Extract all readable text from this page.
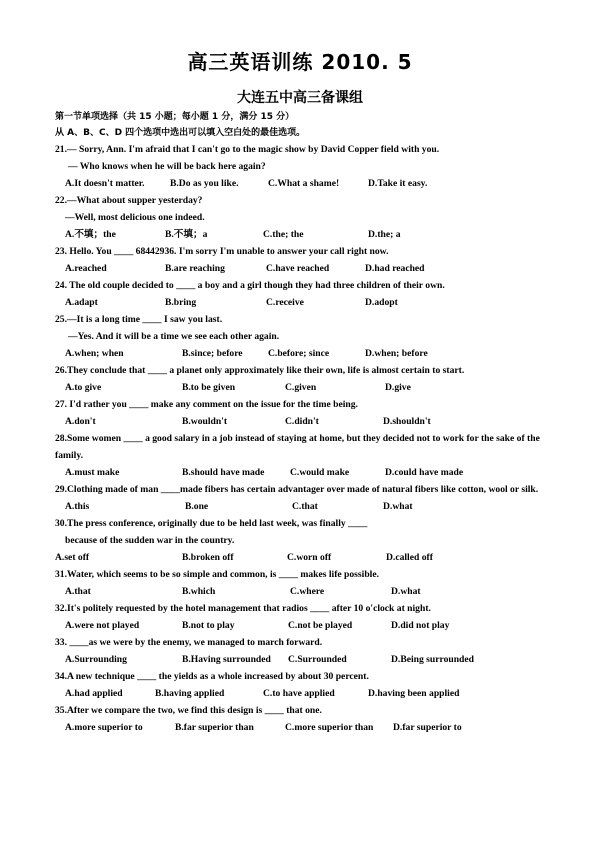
高三英语训练 2010. 5
大连五中高三备课组
第一节单项选择（共 15 小题；每小题 1 分，满分 15 分）
从 A、B、C、D 四个选项中选出可以填入空白处的最佳选项。
21.— Sorry, Ann. I'm afraid that I can't go to the magic show by David Copper field with you.
— Who knows when he will be back here again?
A.It doesn't matter.	B.Do as you like.	C.What a shame!	D.Take it easy.
22.—What about supper yesterday?
—Well, most delicious one indeed.
A.不填；the	B.不填；a	C.the; the	D.the; a
23. Hello. You ____ 68442936. I'm sorry I'm unable to answer your call right now.
A.reached	B.are reaching	C.have reached	D.had reached
24. The old couple decided to ____ a boy and a girl though they had three children of their own.
A.adapt	B.bring	C.receive	D.adopt
25.—It is a long time ____ I saw you last.
—Yes. And it will be a time we see each other again.
A.when; when	B.since; before	C.before; since	D.when; before
26.They conclude that ____ a planet only approximately like their own, life is almost certain to start.
A.to give	B.to be given	C.given	D.give
27. I'd rather you ____ make any comment on the issue for the time being.
A.don't	B.wouldn't	C.didn't	D.shouldn't
28.Some women ____ a good salary in a job instead of staying at home, but they decided not to work for the sake of the family.
A.must make	B.should have made	C.would make	D.could have made
29.Clothing made of man ____made fibers has certain advantager over made of natural fibers like cotton, wool or silk.
A.this	B.one	C.that	D.what
30.The press conference, originally due to be held last week, was finally ____
because of the sudden war in the country.
A.set off	B.broken off	C.worn off	D.called off
31.Water, which seems to be so simple and common, is ____ makes life possible.
A.that	B.which	C.where	D.what
32.It's politely requested by the hotel management that radios ____ after 10 o'clock at night.
A.were not played	B.not to play	C.not be played	D.did not play
33. ____as we were by the enemy, we managed to march forward.
A.Surrounding	B.Having surrounded C.Surrounded	D.Being surrounded
34.A new technique ____ the yields as a whole increased by about 30 percent.
A.had applied	B.having applied	C.to have applied	D.having been applied
35.After we compare the two, we find this design is ____ that one.
A.more superior to	B.far superior than	C.more superior than D.far superior to
